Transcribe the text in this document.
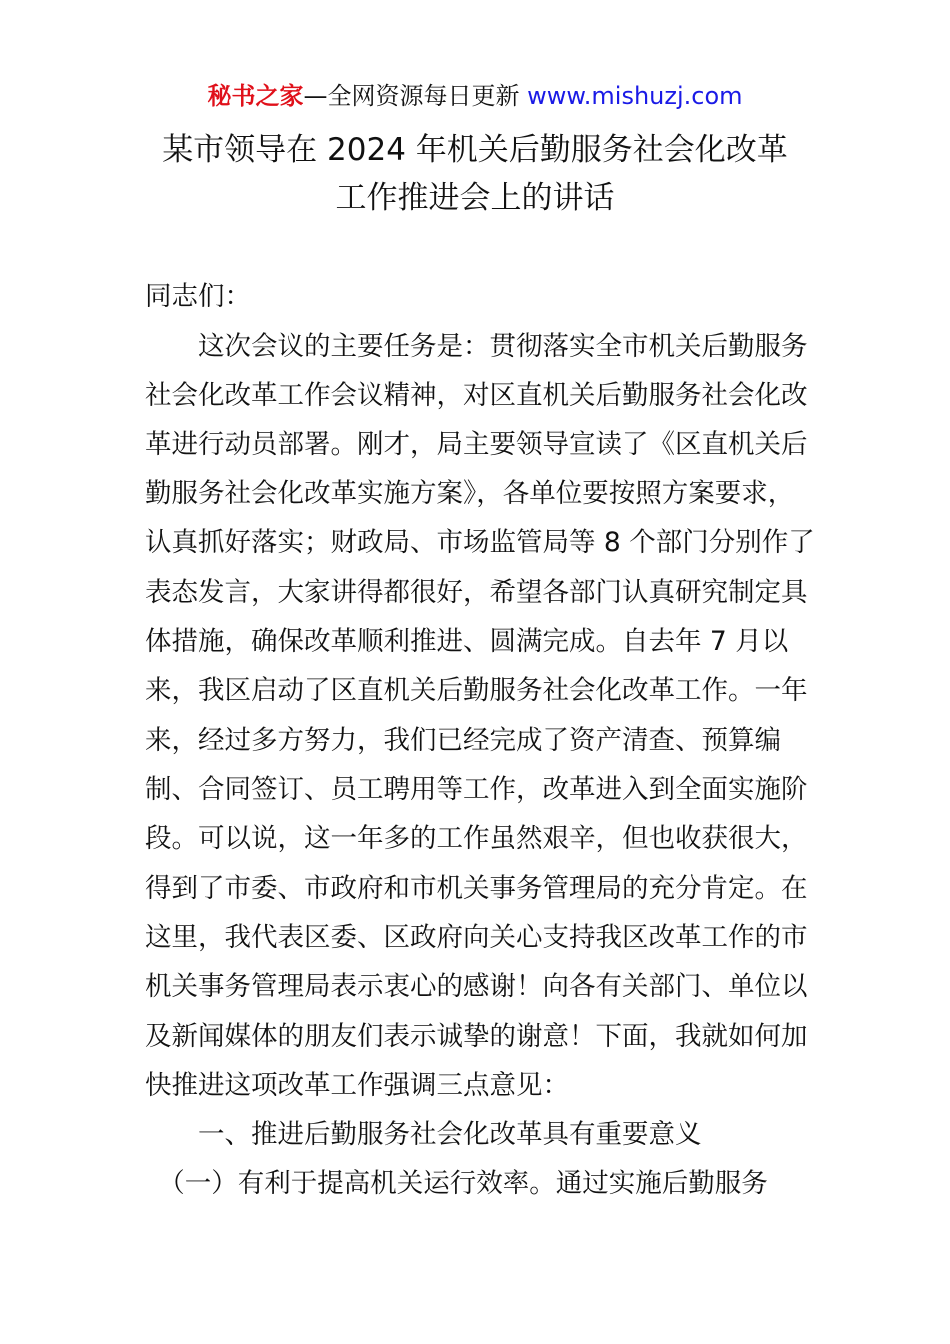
秘书之家—全网资源每日更新 www.mishuzj.com
某市领导在 2024 年机关后勤服务社会化改革
工作推进会上的讲话
同志们：
　　这次会议的主要任务是：贯彻落实全市机关后勤服务
社会化改革工作会议精神，对区直机关后勤服务社会化改
革进行动员部署。刚才，局主要领导宣读了《区直机关后
勤服务社会化改革实施方案》，各单位要按照方案要求，
认真抓好落实；财政局、市场监管局等 8 个部门分别作了
表态发言，大家讲得都很好，希望各部门认真研究制定具
体措施，确保改革顺利推进、圆满完成。自去年 7 月以
来，我区启动了区直机关后勤服务社会化改革工作。一年
来，经过多方努力，我们已经完成了资产清查、预算编
制、合同签订、员工聘用等工作，改革进入到全面实施阶
段。可以说，这一年多的工作虽然艰辛，但也收获很大，
得到了市委、市政府和市机关事务管理局的充分肯定。在
这里，我代表区委、区政府向关心支持我区改革工作的市
机关事务管理局表示衷心的感谢！向各有关部门、单位以
及新闻媒体的朋友们表示诚挚的谢意！下面，我就如何加
快推进这项改革工作强调三点意见：
　　一、推进后勤服务社会化改革具有重要意义
　（一）有利于提高机关运行效率。通过实施后勤服务
